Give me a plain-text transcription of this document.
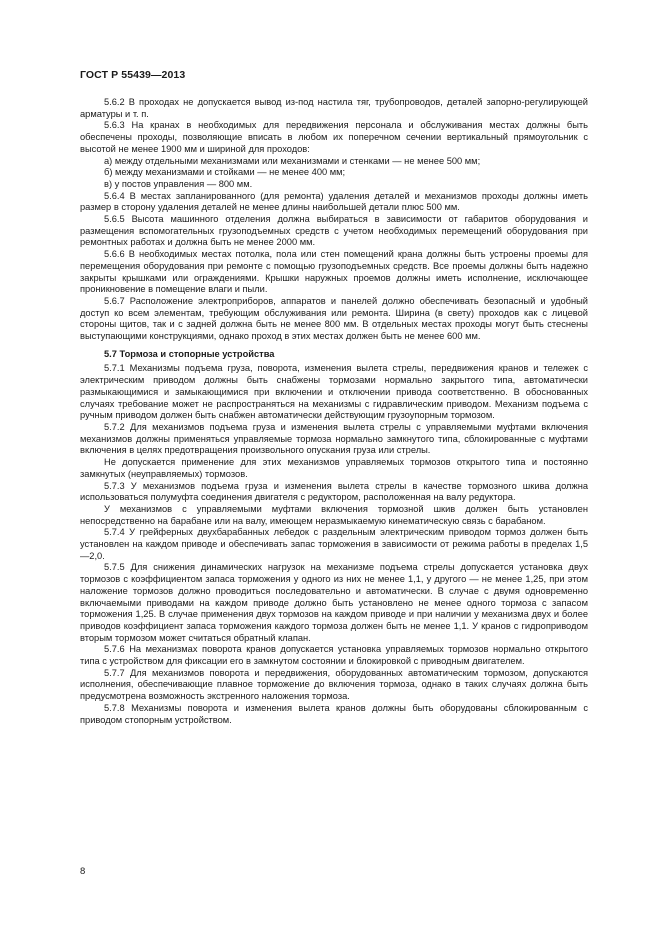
ГОСТ Р 55439—2013

5.6.2 В проходах не допускается вывод из-под настила тяг, трубопроводов, деталей запорно-регулирующей арматуры и т. п.

5.6.3 На кранах в необходимых для передвижения персонала и обслуживания местах должны быть обеспечены проходы, позволяющие вписать в любом их поперечном сечении вертикальный прямоугольник с высотой не менее 1900 мм и шириной для проходов:

а) между отдельными механизмами или механизмами и стенками — не менее 500 мм;

б) между механизмами и стойками — не менее 400 мм;

в) у постов управления — 800 мм.

5.6.4 В местах запланированного (для ремонта) удаления деталей и механизмов проходы должны иметь размер в сторону удаления деталей не менее длины наибольшей детали плюс 500 мм.

5.6.5 Высота машинного отделения должна выбираться в зависимости от габаритов оборудования и размещения вспомогательных грузоподъемных средств с учетом необходимых перемещений оборудования при ремонтных работах и должна быть не менее 2000 мм.

5.6.6 В необходимых местах потолка, пола или стен помещений крана должны быть устроены проемы для перемещения оборудования при ремонте с помощью грузоподъемных средств. Все проемы должны быть надежно закрыты крышками или ограждениями. Крышки наружных проемов должны иметь исполнение, исключающее проникновение в помещение влаги и пыли.

5.6.7 Расположение электроприборов, аппаратов и панелей должно обеспечивать безопасный и удобный доступ ко всем элементам, требующим обслуживания или ремонта. Ширина (в свету) проходов как с лицевой стороны щитов, так и с задней должна быть не менее 800 мм. В отдельных местах проходы могут быть стеснены выступающими конструкциями, однако проход в этих местах должен быть не менее 600 мм.

5.7 Тормоза и стопорные устройства

5.7.1 Механизмы подъема груза, поворота, изменения вылета стрелы, передвижения кранов и тележек с электрическим приводом должны быть снабжены тормозами нормально закрытого типа, автоматически размыкающимися и замыкающимися при включении и отключении привода соответственно. В обоснованных случаях требование может не распространяться на механизмы с гидравлическим приводом. Механизм подъема с ручным приводом должен быть снабжен автоматически действующим грузоупорным тормозом.

5.7.2 Для механизмов подъема груза и изменения вылета стрелы с управляемыми муфтами включения механизмов должны применяться управляемые тормоза нормально замкнутого типа, сблокированные с муфтами включения в целях предотвращения произвольного опускания груза или стрелы.

Не допускается применение для этих механизмов управляемых тормозов открытого типа и постоянно замкнутых (неуправляемых) тормозов.

5.7.3 У механизмов подъема груза и изменения вылета стрелы в качестве тормозного шкива должна использоваться полумуфта соединения двигателя с редуктором, расположенная на валу редуктора.

У механизмов с управляемыми муфтами включения тормозной шкив должен быть установлен непосредственно на барабане или на валу, имеющем неразмыкаемую кинематическую связь с барабаном.

5.7.4 У грейферных двухбарабанных лебедок с раздельным электрическим приводом тормоз должен быть установлен на каждом приводе и обеспечивать запас торможения в зависимости от режима работы в пределах 1,5—2,0.

5.7.5 Для снижения динамических нагрузок на механизме подъема стрелы допускается установка двух тормозов с коэффициентом запаса торможения у одного из них не менее 1,1, у другого — не менее 1,25, при этом наложение тормозов должно проводиться последовательно и автоматически. В случае с двумя одновременно включаемыми приводами на каждом приводе должно быть установлено не менее одного тормоза с запасом торможения 1,25. В случае применения двух тормозов на каждом приводе и при наличии у механизма двух и более приводов коэффициент запаса торможения каждого тормоза должен быть не менее 1,1. У кранов с гидроприводом вторым тормозом может считаться обратный клапан.

5.7.6 На механизмах поворота кранов допускается установка управляемых тормозов нормально открытого типа с устройством для фиксации его в замкнутом состоянии и блокировкой с приводным двигателем.

5.7.7 Для механизмов поворота и передвижения, оборудованных автоматическим тормозом, допускаются исполнения, обеспечивающие плавное торможение до включения тормоза, однако в таких случаях должна быть предусмотрена возможность экстренного наложения тормоза.

5.7.8 Механизмы поворота и изменения вылета кранов должны быть оборудованы сблокированным с приводом стопорным устройством.

8
